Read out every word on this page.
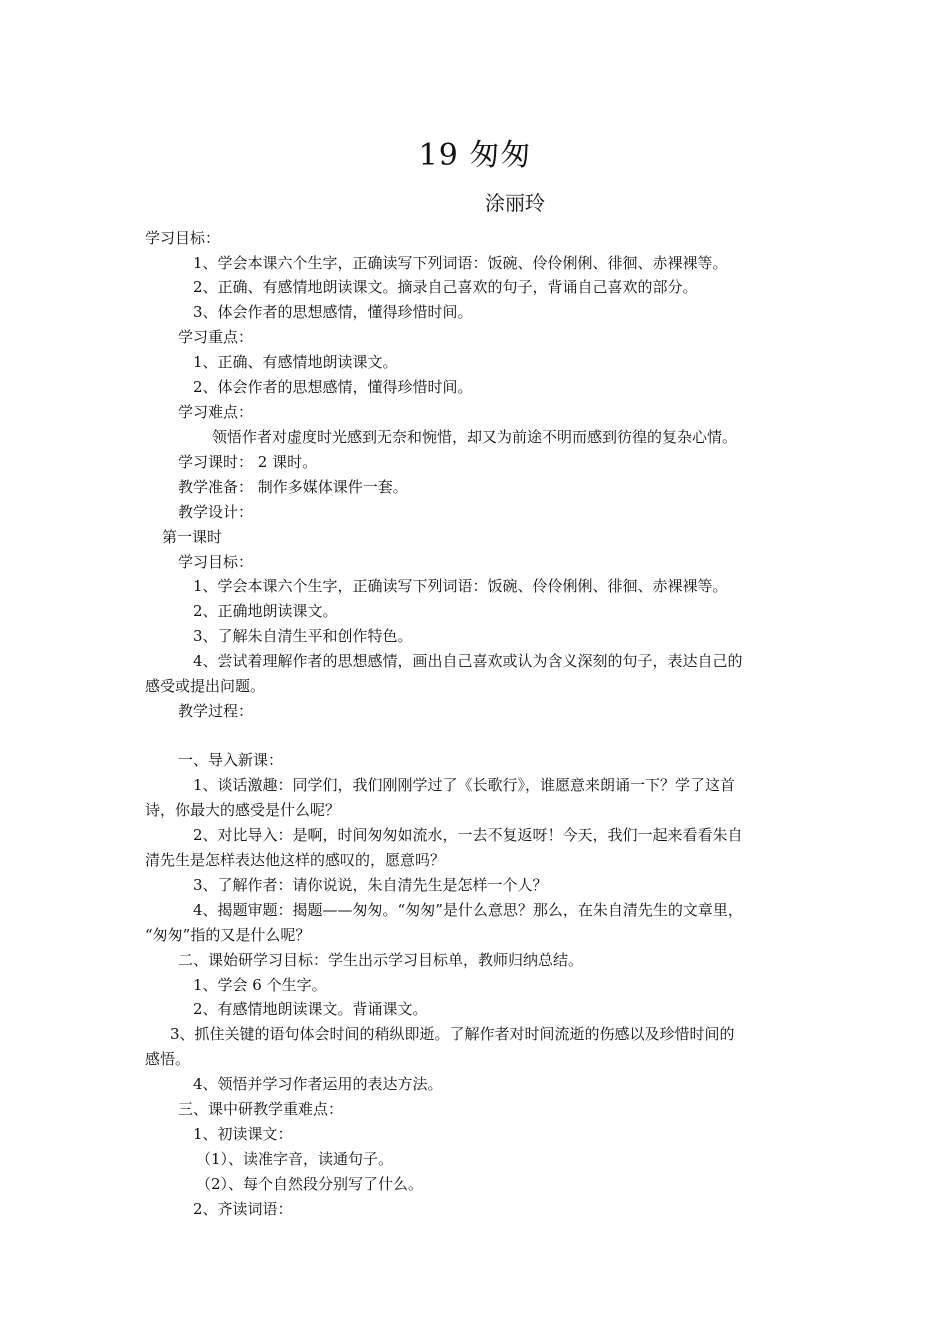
19 匆匆
涂丽玲
学习目标：
1、学会本课六个生字，正确读写下列词语：饭碗、伶伶俐俐、徘徊、赤裸裸等。
2、正确、有感情地朗读课文。摘录自己喜欢的句子，背诵自己喜欢的部分。
3、体会作者的思想感情，懂得珍惜时间。
学习重点：
1、正确、有感情地朗读课文。
2、体会作者的思想感情，懂得珍惜时间。
学习难点：
领悟作者对虚度时光感到无奈和惋惜，却又为前途不明而感到彷徨的复杂心情。
学习课时： 2 课时。
教学准备： 制作多媒体课件一套。
教学设计：
第一课时
学习目标：
1、学会本课六个生字，正确读写下列词语：饭碗、伶伶俐俐、徘徊、赤裸裸等。
2、正确地朗读课文。
3、了解朱自清生平和创作特色。
4、尝试着理解作者的思想感情，画出自己喜欢或认为含义深刻的句子，表达自己的
感受或提出问题。
教学过程：
一、导入新课：
1、谈话激趣：同学们，我们刚刚学过了《长歌行》，谁愿意来朗诵一下？学了这首
诗，你最大的感受是什么呢？
2、对比导入：是啊，时间匆匆如流水，一去不复返呀！今天，我们一起来看看朱自
清先生是怎样表达他这样的感叹的，愿意吗？
3、了解作者：请你说说，朱自清先生是怎样一个人？
4、揭题审题：揭题——匆匆。“匆匆”是什么意思？那么，在朱自清先生的文章里，
“匆匆”指的又是什么呢？
二、课始研学习目标：学生出示学习目标单，教师归纳总结。
1、学会 6 个生字。
2、有感情地朗读课文。背诵课文。
3、抓住关键的语句体会时间的稍纵即逝。了解作者对时间流逝的伤感以及珍惜时间的
感悟。
4、领悟并学习作者运用的表达方法。
三、课中研教学重难点：
1、初读课文：
（1）、读准字音，读通句子。
（2）、每个自然段分别写了什么。
2、齐读词语：
